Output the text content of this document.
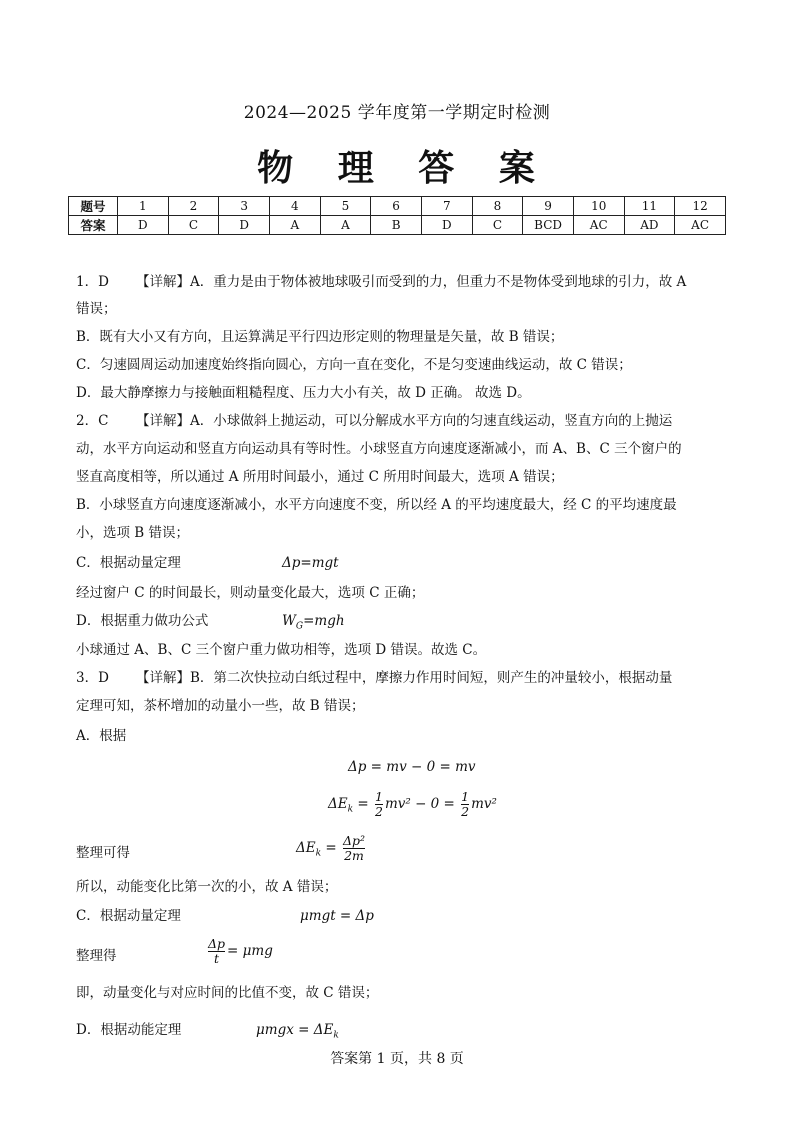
2024—2025 学年度第一学期定时检测
物 理 答 案
题号	1	2	3	4	5	6	7	8	9	10	11	12
答案	D	C	D	A	A	B	D	C	BCD	AC	AD	AC
1．D 【详解】A．重力是由于物体被地球吸引而受到的力，但重力不是物体受到地球的引力，故 A
错误；
B．既有大小又有方向，且运算满足平行四边形定则的物理量是矢量，故 B 错误；
C．匀速圆周运动加速度始终指向圆心，方向一直在变化，不是匀变速曲线运动，故 C 错误；
D．最大静摩擦力与接触面粗糙程度、压力大小有关，故 D 正确。 故选 D。
2．C 【详解】A．小球做斜上抛运动，可以分解成水平方向的匀速直线运动，竖直方向的上抛运
动，水平方向运动和竖直方向运动具有等时性。小球竖直方向速度逐渐减小，而 A、B、C 三个窗户的
竖直高度相等，所以通过 A 所用时间最小，通过 C 所用时间最大，选项 A 错误；
B．小球竖直方向速度逐渐减小，水平方向速度不变，所以经 A 的平均速度最大，经 C 的平均速度最
小，选项 B 错误；
C．根据动量定理	Δp=mgt
经过窗户 C 的时间最长，则动量变化最大，选项 C 正确；
D．根据重力做功公式	$W_G=mgh$
小球通过 A、B、C 三个窗户重力做功相等，选项 D 错误。故选 C。
3．D 【详解】B．第二次快拉动白纸过程中，摩擦力作用时间短，则产生的冲量较小，根据动量
定理可知，茶杯增加的动量小一些，故 B 错误；
A．根据
Δp = mv − 0 = mv
$\Delta E_k = \frac{1}{2} mv^2 - 0 = \frac{1}{2} mv^2$
整理可得	$\Delta E_k = \frac{\text{Δp²}}{2m}$
所以，动能变化比第一次的小，故 A 错误；
C．根据动量定理	μmgt = Δp
整理得	$\frac{\Delta p}{t} = \mu mg$
即，动量变化与对应时间的比值不变，故 C 错误；
D．根据动能定理	$\mu mgx = \Delta E_k$
答案第 1 页，共 8 页
